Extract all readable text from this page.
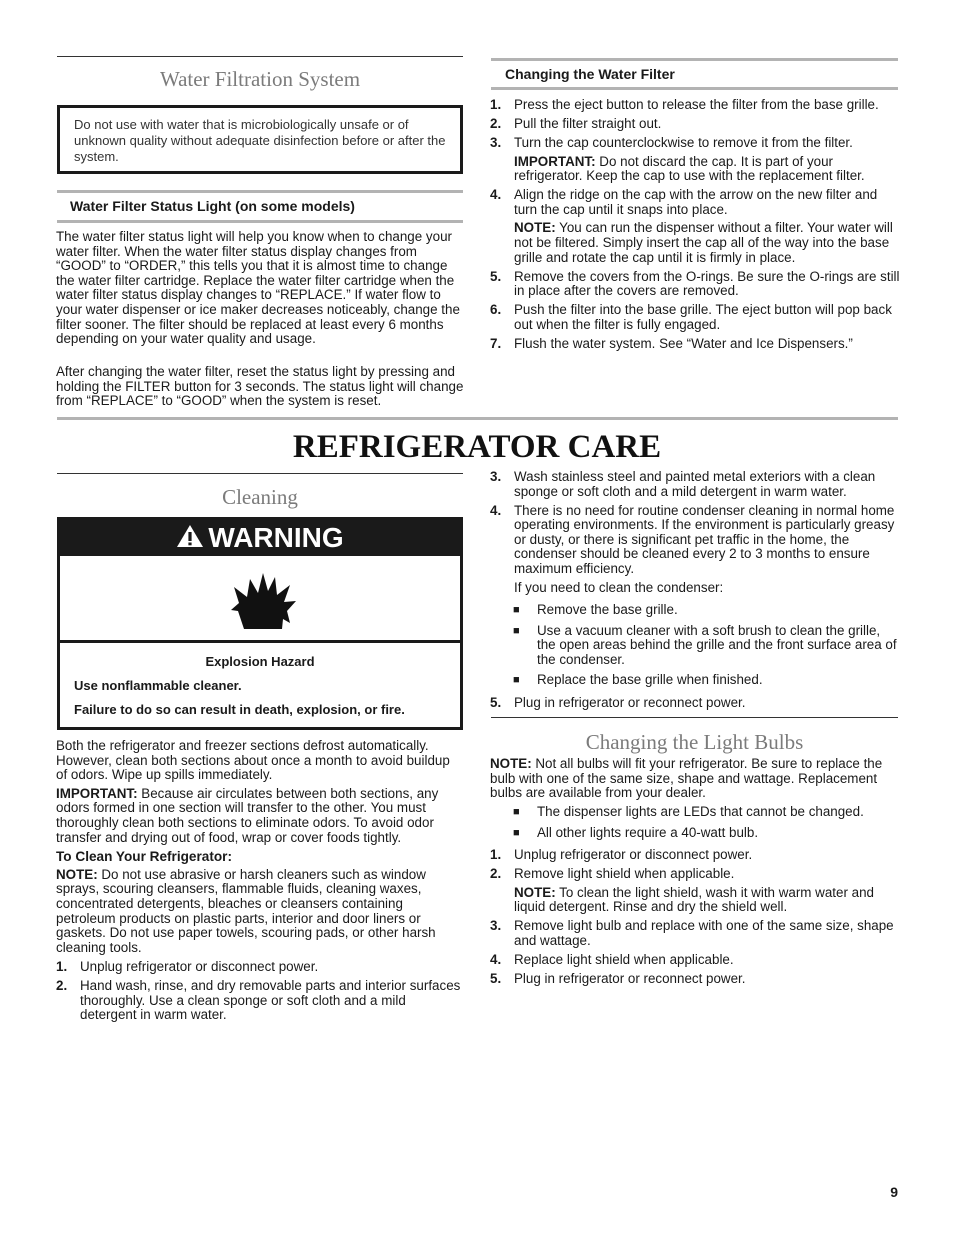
Water Filtration System

Do not use with water that is microbiologically unsafe or of unknown quality without adequate disinfection before or after the system.

Water Filter Status Light (on some models)

The water filter status light will help you know when to change your water filter. When the water filter status display changes from “GOOD” to “ORDER,” this tells you that it is almost time to change the water filter cartridge. Replace the water filter cartridge when the water filter status display changes to “REPLACE.” If water flow to your water dispenser or ice maker decreases noticeably, change the filter sooner. The filter should be replaced at least every 6 months depending on your water quality and usage.

After changing the water filter, reset the status light by pressing and holding the FILTER button for 3 seconds. The status light will change from “REPLACE” to “GOOD” when the system is reset.

Changing the Water Filter
1. Press the eject button to release the filter from the base grille.
2. Pull the filter straight out.
3. Turn the cap counterclockwise to remove it from the filter.
IMPORTANT: Do not discard the cap. It is part of your refrigerator. Keep the cap to use with the replacement filter.
4. Align the ridge on the cap with the arrow on the new filter and turn the cap until it snaps into place.
NOTE: You can run the dispenser without a filter. Your water will not be filtered. Simply insert the cap all of the way into the base grille and rotate the cap until it is firmly in place.
5. Remove the covers from the O-rings. Be sure the O-rings are still in place after the covers are removed.
6. Push the filter into the base grille. The eject button will pop back out when the filter is fully engaged.
7. Flush the water system. See “Water and Ice Dispensers.”
REFRIGERATOR CARE
Cleaning
WARNING
Explosion Hazard
Use nonflammable cleaner.
Failure to do so can result in death, explosion, or fire.

Both the refrigerator and freezer sections defrost automatically. However, clean both sections about once a month to avoid buildup of odors. Wipe up spills immediately.

IMPORTANT: Because air circulates between both sections, any odors formed in one section will transfer to the other. You must thoroughly clean both sections to eliminate odors. To avoid odor transfer and drying out of food, wrap or cover foods tightly.

To Clean Your Refrigerator:

NOTE: Do not use abrasive or harsh cleaners such as window sprays, scouring cleansers, flammable fluids, cleaning waxes, concentrated detergents, bleaches or cleansers containing petroleum products on plastic parts, interior and door liners or gaskets. Do not use paper towels, scouring pads, or other harsh cleaning tools.

1. Unplug refrigerator or disconnect power.
2. Hand wash, rinse, and dry removable parts and interior surfaces thoroughly. Use a clean sponge or soft cloth and a mild detergent in warm water.
3. Wash stainless steel and painted metal exteriors with a clean sponge or soft cloth and a mild detergent in warm water.
4. There is no need for routine condenser cleaning in normal home operating environments. If the environment is particularly greasy or dusty, or there is significant pet traffic in the home, the condenser should be cleaned every 2 to 3 months to ensure maximum efficiency.
If you need to clean the condenser:
■ Remove the base grille.
■ Use a vacuum cleaner with a soft brush to clean the grille, the open areas behind the grille and the front surface area of the condenser.
■ Replace the base grille when finished.
5. Plug in refrigerator or reconnect power.
Changing the Light Bulbs

NOTE: Not all bulbs will fit your refrigerator. Be sure to replace the bulb with one of the same size, shape and wattage. Replacement bulbs are available from your dealer.

■ The dispenser lights are LEDs that cannot be changed.
■ All other lights require a 40-watt bulb.
1. Unplug refrigerator or disconnect power.
2. Remove light shield when applicable.
NOTE: To clean the light shield, wash it with warm water and liquid detergent. Rinse and dry the shield well.
3. Remove light bulb and replace with one of the same size, shape and wattage.
4. Replace light shield when applicable.
5. Plug in refrigerator or reconnect power.
9
